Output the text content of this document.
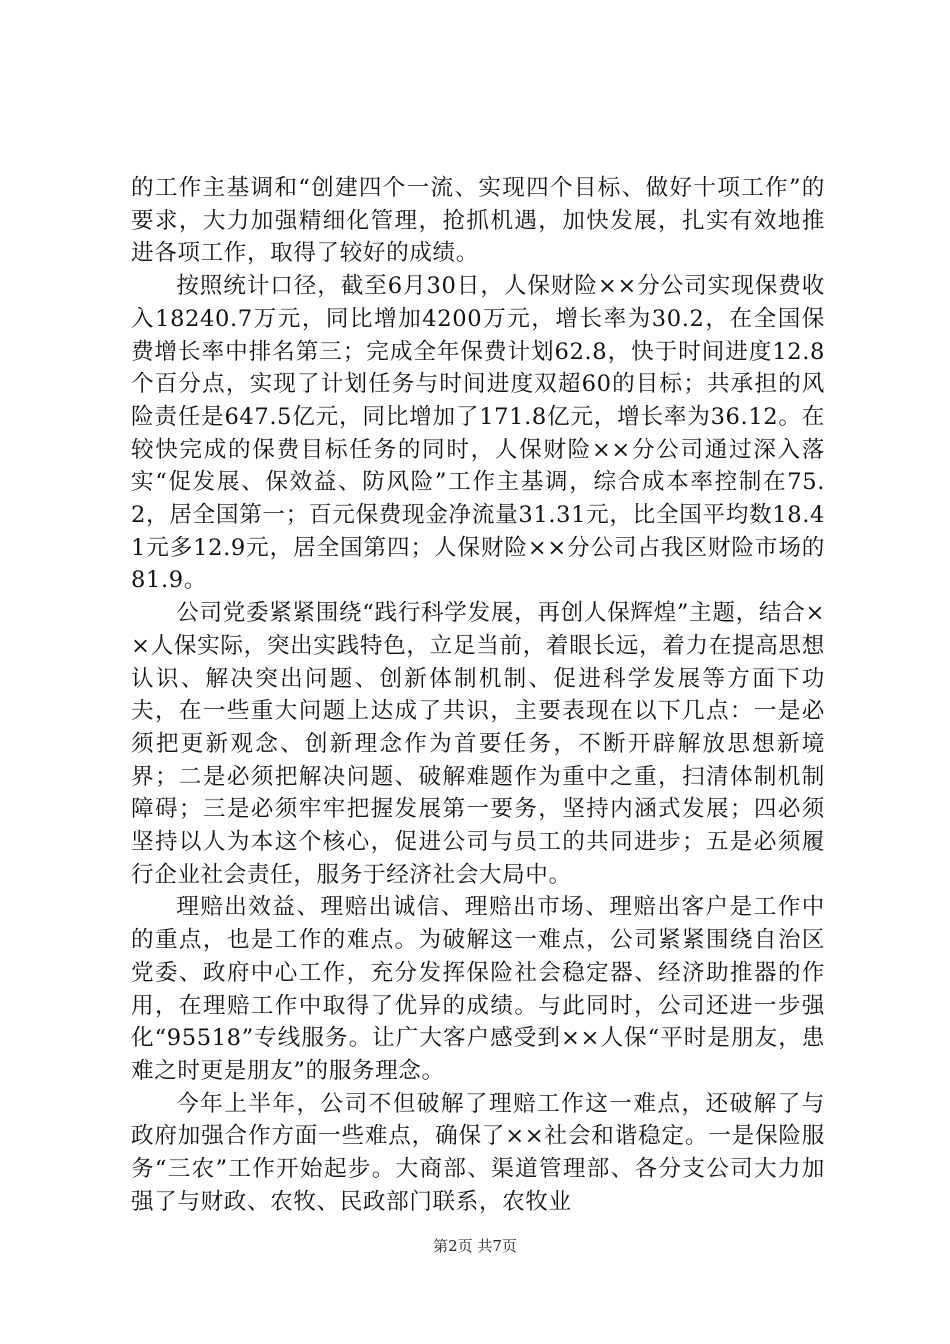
的工作主基调和“创建四个一流、实现四个目标、做好十项工作”的要求，大力加强精细化管理，抢抓机遇，加快发展，扎实有效地推进各项工作，取得了较好的成绩。

按照统计口径，截至6月30日，人保财险××分公司实现保费收入18240.7万元，同比增加4200万元，增长率为30.2，在全国保费增长率中排名第三；完成全年保费计划62.8，快于时间进度12.8个百分点，实现了计划任务与时间进度双超60的目标；共承担的风险责任是647.5亿元，同比增加了171.8亿元，增长率为36.12。在较快完成的保费目标任务的同时，人保财险××分公司通过深入落实“促发展、保效益、防风险”工作主基调，综合成本率控制在75.2，居全国第一；百元保费现金净流量31.31元，比全国平均数18.41元多12.9元，居全国第四；人保财险××分公司占我区财险市场的81.9。

公司党委紧紧围绕“践行科学发展，再创人保辉煌”主题，结合××人保实际，突出实践特色，立足当前，着眼长远，着力在提高思想认识、解决突出问题、创新体制机制、促进科学发展等方面下功夫，在一些重大问题上达成了共识，主要表现在以下几点：一是必须把更新观念、创新理念作为首要任务，不断开辟解放思想新境界；二是必须把解决问题、破解难题作为重中之重，扫清体制机制障碍；三是必须牢牢把握发展第一要务，坚持内涵式发展；四必须坚持以人为本这个核心，促进公司与员工的共同进步；五是必须履行企业社会责任，服务于经济社会大局中。

理赔出效益、理赔出诚信、理赔出市场、理赔出客户是工作中的重点，也是工作的难点。为破解这一难点，公司紧紧围绕自治区党委、政府中心工作，充分发挥保险社会稳定器、经济助推器的作用，在理赔工作中取得了优异的成绩。与此同时，公司还进一步强化“95518”专线服务。让广大客户感受到××人保“平时是朋友，患难之时更是朋友”的服务理念。

今年上半年，公司不但破解了理赔工作这一难点，还破解了与政府加强合作方面一些难点，确保了××社会和谐稳定。一是保险服务“三农”工作开始起步。大商部、渠道管理部、各分支公司大力加强了与财政、农牧、民政部门联系，农牧业

第2页 共7页
